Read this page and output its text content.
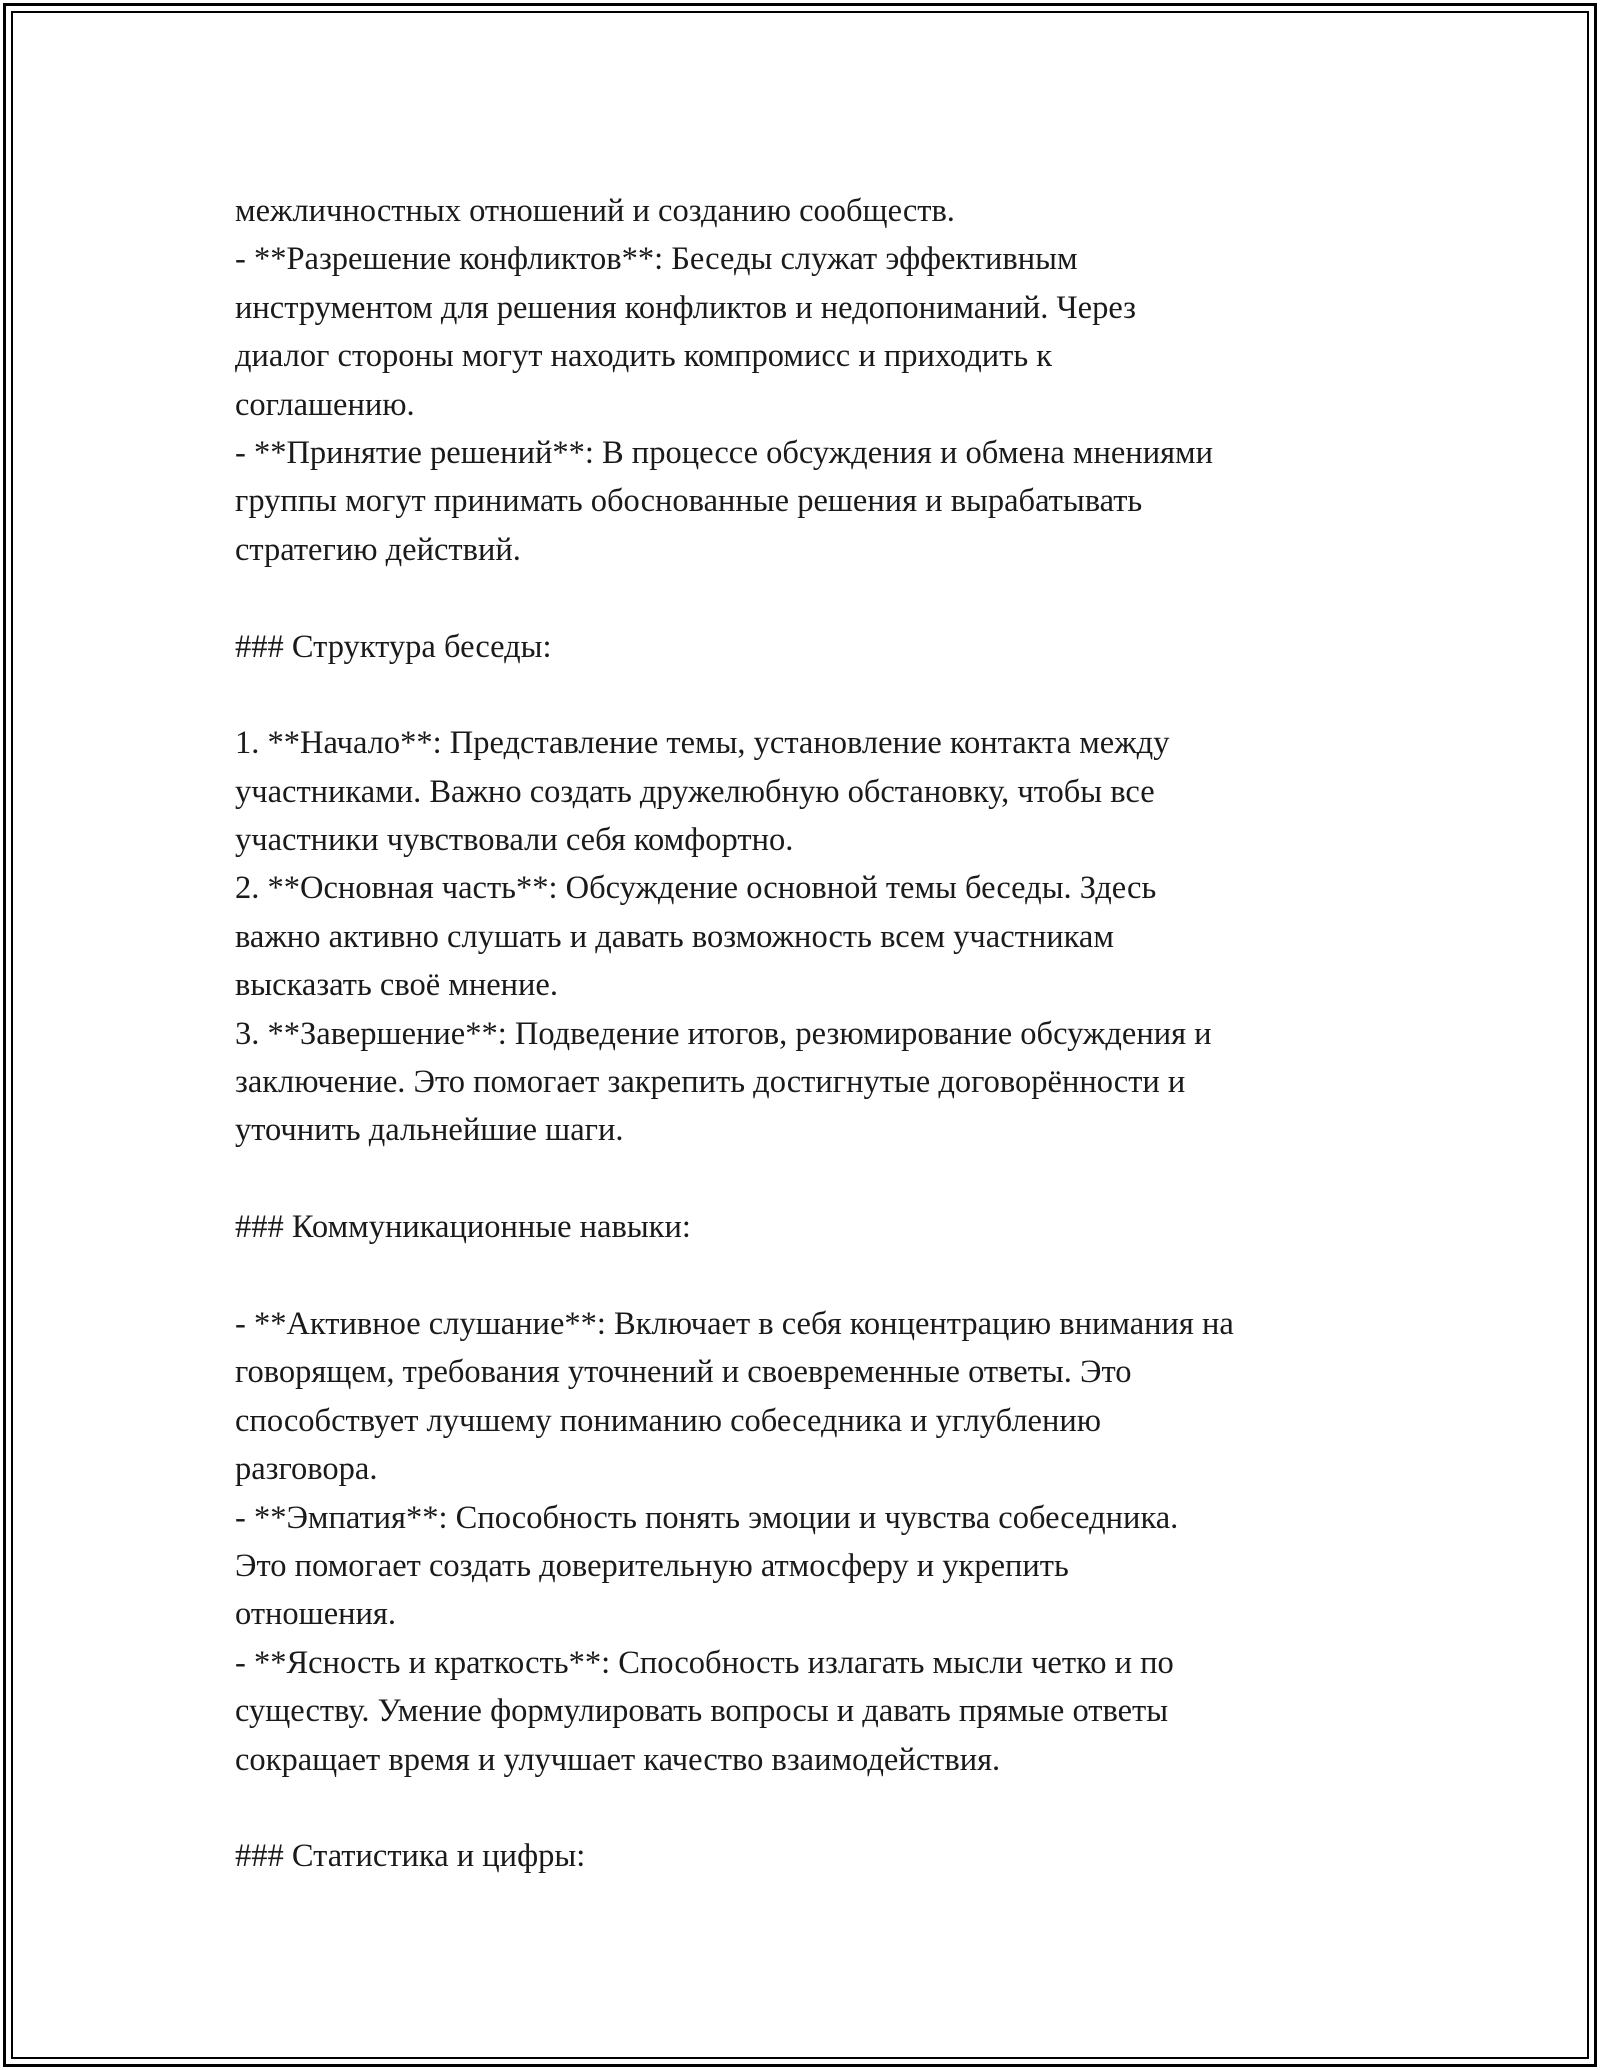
межличностных отношений и созданию сообществ.
- **Разрешение конфликтов**: Беседы служат эффективным
инструментом для решения конфликтов и недопониманий. Через
диалог стороны могут находить компромисс и приходить к
соглашению.
- **Принятие решений**: В процессе обсуждения и обмена мнениями
группы могут принимать обоснованные решения и вырабатывать
стратегию действий.
### Структура беседы:
1. **Начало**: Представление темы, установление контакта между
участниками. Важно создать дружелюбную обстановку, чтобы все
участники чувствовали себя комфортно.
2. **Основная часть**: Обсуждение основной темы беседы. Здесь
важно активно слушать и давать возможность всем участникам
высказать своё мнение.
3. **Завершение**: Подведение итогов, резюмирование обсуждения и
заключение. Это помогает закрепить достигнутые договорённости и
уточнить дальнейшие шаги.
### Коммуникационные навыки:
- **Активное слушание**: Включает в себя концентрацию внимания на
говорящем, требования уточнений и своевременные ответы. Это
способствует лучшему пониманию собеседника и углублению
разговора.
- **Эмпатия**: Способность понять эмоции и чувства собеседника.
Это помогает создать доверительную атмосферу и укрепить
отношения.
- **Ясность и краткость**: Способность излагать мысли четко и по
существу. Умение формулировать вопросы и давать прямые ответы
сокращает время и улучшает качество взаимодействия.
### Статистика и цифры:
